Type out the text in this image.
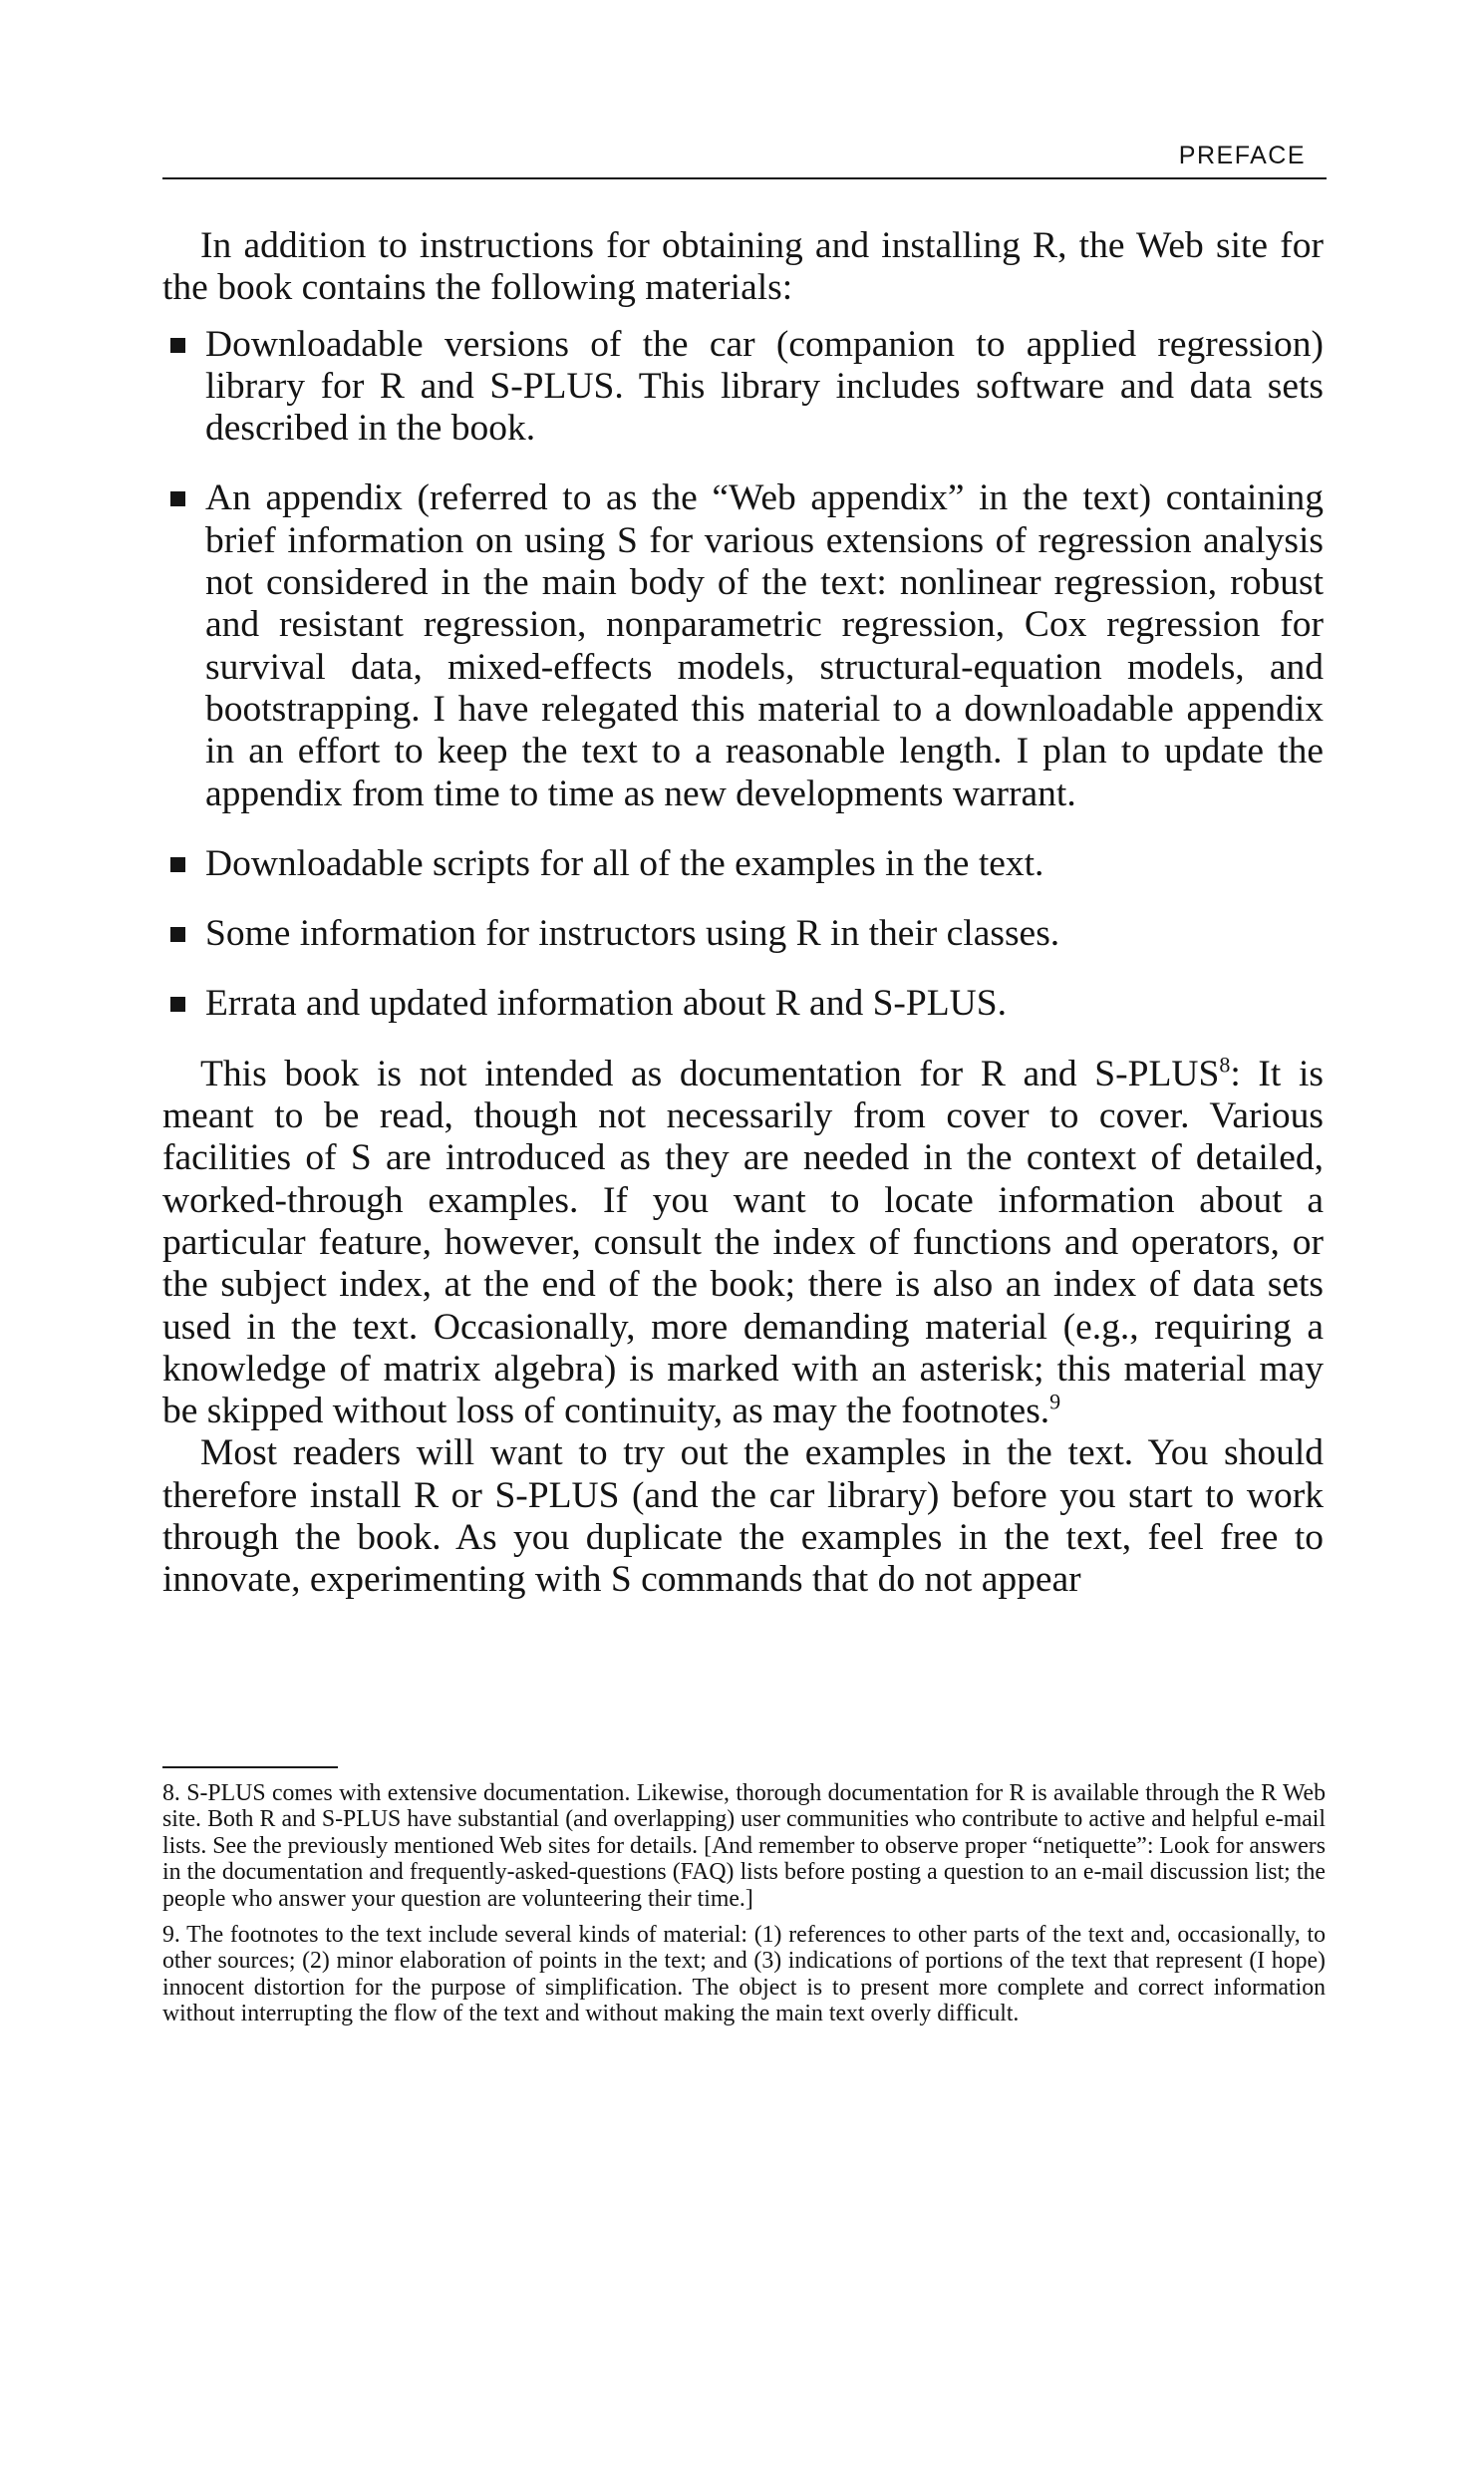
PREFACE

In addition to instructions for obtaining and installing R, the Web site for the book contains the following materials:

Downloadable versions of the car (companion to applied regression) library for R and S-PLUS. This library includes software and data sets described in the book.
An appendix (referred to as the “Web appendix” in the text) containing brief information on using S for various extensions of regression analysis not considered in the main body of the text: nonlinear regression, robust and resistant regression, nonparametric regression, Cox regression for survival data, mixed-effects models, structural-equation models, and bootstrapping. I have relegated this material to a downloadable appendix in an effort to keep the text to a reasonable length. I plan to update the appendix from time to time as new developments warrant.
Downloadable scripts for all of the examples in the text.
Some information for instructors using R in their classes.
Errata and updated information about R and S-PLUS.

This book is not intended as documentation for R and S-PLUS$^8$: It is meant to be read, though not necessarily from cover to cover. Various facilities of S are introduced as they are needed in the context of detailed, worked-through examples. If you want to locate information about a particular feature, however, consult the index of functions and operators, or the subject index, at the end of the book; there is also an index of data sets used in the text. Occasionally, more demanding material (e.g., requiring a knowledge of matrix algebra) is marked with an asterisk; this material may be skipped without loss of continuity, as may the footnotes.$^9$

Most readers will want to try out the examples in the text. You should therefore install R or S-PLUS (and the car library) before you start to work through the book. As you duplicate the examples in the text, feel free to innovate, experimenting with S commands that do not appear

8. S-PLUS comes with extensive documentation. Likewise, thorough documentation for R is available through the R Web site. Both R and S-PLUS have substantial (and overlapping) user communities who contribute to active and helpful e-mail lists. See the previously mentioned Web sites for details. [And remember to observe proper “netiquette”: Look for answers in the documentation and frequently-asked-questions (FAQ) lists before posting a question to an e-mail discussion list; the people who answer your question are volunteering their time.]

9. The footnotes to the text include several kinds of material: (1) references to other parts of the text and, occasionally, to other sources; (2) minor elaboration of points in the text; and (3) indications of portions of the text that represent (I hope) innocent distortion for the purpose of simplification. The object is to present more complete and correct information without interrupting the flow of the text and without making the main text overly difficult.
